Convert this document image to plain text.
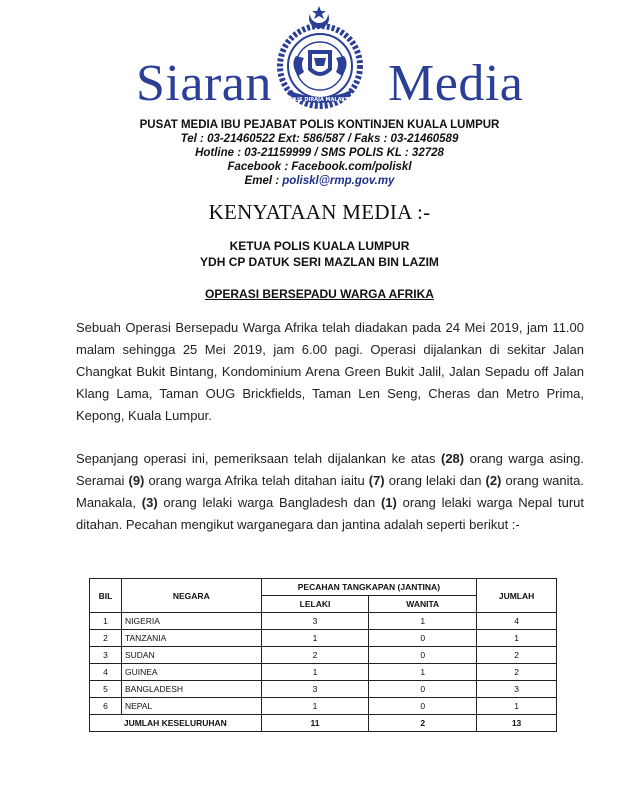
POLIS DIRAJA MALAYSIA
Siaran Media
PUSAT MEDIA IBU PEJABAT POLIS KONTINJEN KUALA LUMPUR
Tel : 03-21460522 Ext: 586/587 / Faks : 03-21460589
Hotline : 03-21159999 / SMS POLIS KL : 32728
Facebook : Facebook.com/poliskl
Emel : poliskl@rmp.gov.my
KENYATAAN MEDIA :-
KETUA POLIS KUALA LUMPUR
YDH CP DATUK SERI MAZLAN BIN LAZIM
OPERASI BERSEPADU WARGA AFRIKA
Sebuah Operasi Bersepadu Warga Afrika telah diadakan pada 24 Mei 2019, jam 11.00 malam sehingga 25 Mei 2019, jam 6.00 pagi. Operasi dijalankan di sekitar Jalan Changkat Bukit Bintang, Kondominium Arena Green Bukit Jalil, Jalan Sepadu off Jalan Klang Lama, Taman OUG Brickfields, Taman Len Seng, Cheras dan Metro Prima, Kepong, Kuala Lumpur.
Sepanjang operasi ini, pemeriksaan telah dijalankan ke atas (28) orang warga asing. Seramai (9) orang warga Afrika telah ditahan iaitu (7) orang lelaki dan (2) orang wanita. Manakala, (3) orang lelaki warga Bangladesh dan (1) orang lelaki warga Nepal turut ditahan. Pecahan mengikut warganegara dan jantina adalah seperti berikut :-
BIL	NEGARA	PECAHAN TANGKAPAN (JANTINA)		JUMLAH
		LELAKI	WANITA	
1	NIGERIA	3	1	4
2	TANZANIA	1	0	1
3	SUDAN	2	0	2
4	GUINEA	1	1	2
5	BANGLADESH	3	0	3
6	NEPAL	1	0	1
JUMLAH KESELURUHAN		11	2	13
